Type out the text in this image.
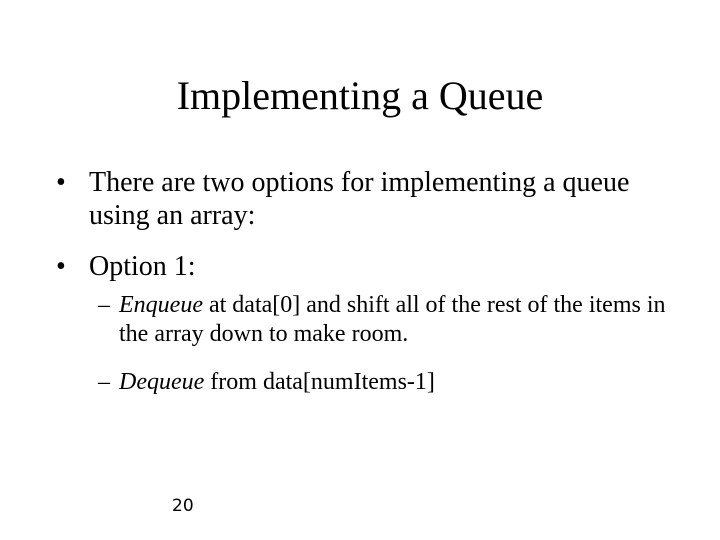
Implementing a Queue
• There are two options for implementing a queue using an array:
• Option 1:
– Enqueue at data[0] and shift all of the rest of the items in the array down to make room.
– Dequeue from data[numItems-1]
20
